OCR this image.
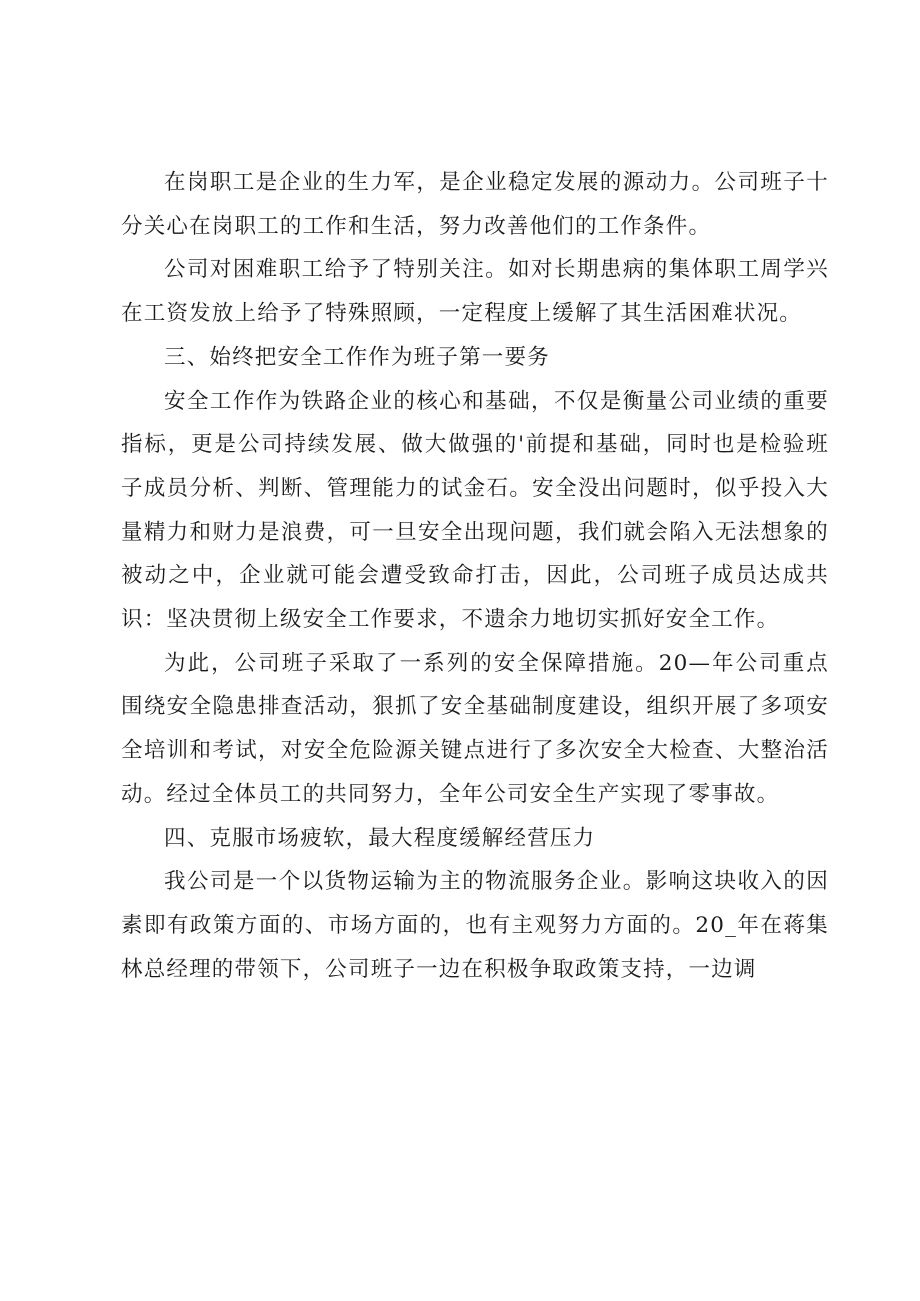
在岗职工是企业的生力军，是企业稳定发展的源动力。公司班子十分关心在岗职工的工作和生活，努力改善他们的工作条件。

公司对困难职工给予了特别关注。如对长期患病的集体职工周学兴在工资发放上给予了特殊照顾，一定程度上缓解了其生活困难状况。

三、始终把安全工作作为班子第一要务

安全工作作为铁路企业的核心和基础，不仅是衡量公司业绩的重要指标，更是公司持续发展、做大做强的'前提和基础，同时也是检验班子成员分析、判断、管理能力的试金石。安全没出问题时，似乎投入大量精力和财力是浪费，可一旦安全出现问题，我们就会陷入无法想象的被动之中，企业就可能会遭受致命打击，因此，公司班子成员达成共识：坚决贯彻上级安全工作要求，不遗余力地切实抓好安全工作。

为此，公司班子采取了一系列的安全保障措施。20—年公司重点围绕安全隐患排查活动，狠抓了安全基础制度建设，组织开展了多项安全培训和考试，对安全危险源关键点进行了多次安全大检查、大整治活动。经过全体员工的共同努力，全年公司安全生产实现了零事故。

四、克服市场疲软，最大程度缓解经营压力

我公司是一个以货物运输为主的物流服务企业。影响这块收入的因素即有政策方面的、市场方面的，也有主观努力方面的。20_年在蒋集林总经理的带领下，公司班子一边在积极争取政策支持，一边调
